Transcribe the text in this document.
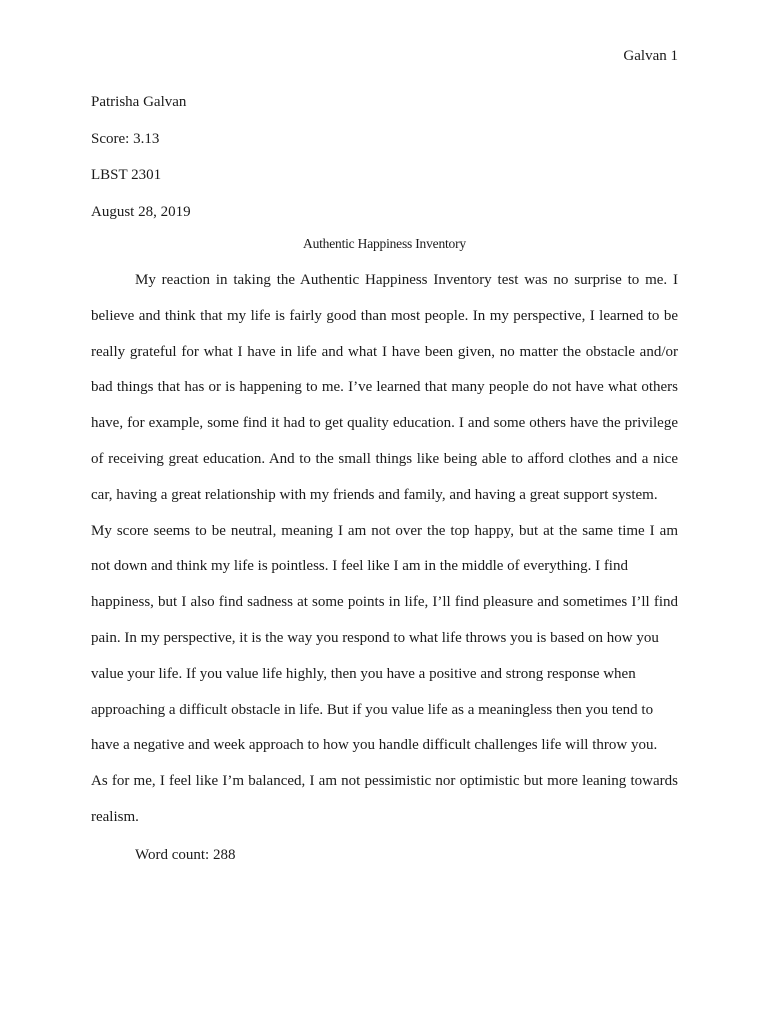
Galvan 1
Patrisha Galvan
Score: 3.13
LBST 2301
August 28, 2019
Authentic Happiness Inventory
My reaction in taking the Authentic Happiness Inventory test was no surprise to me. I
believe and think that my life is fairly good than most people. In my perspective, I learned to be
really grateful for what I have in life and what I have been given, no matter the obstacle and/or
bad things that has or is happening to me. I’ve learned that many people do not have what others
have, for example, some find it had to get quality education. I and some others have the privilege
of receiving great education. And to the small things like being able to afford clothes and a nice
car, having a great relationship with my friends and family, and having a great support system.
My score seems to be neutral, meaning I am not over the top happy, but at the same time I am
not down and think my life is pointless. I feel like I am in the middle of everything. I find
happiness, but I also find sadness at some points in life, I’ll find pleasure and sometimes I’ll find
pain. In my perspective, it is the way you respond to what life throws you is based on how you
value your life. If you value life highly, then you have a positive and strong response when
approaching a difficult obstacle in life. But if you value life as a meaningless then you tend to
have a negative and week approach to how you handle difficult challenges life will throw you.
As for me, I feel like I’m balanced, I am not pessimistic nor optimistic but more leaning towards
realism.
Word count: 288
